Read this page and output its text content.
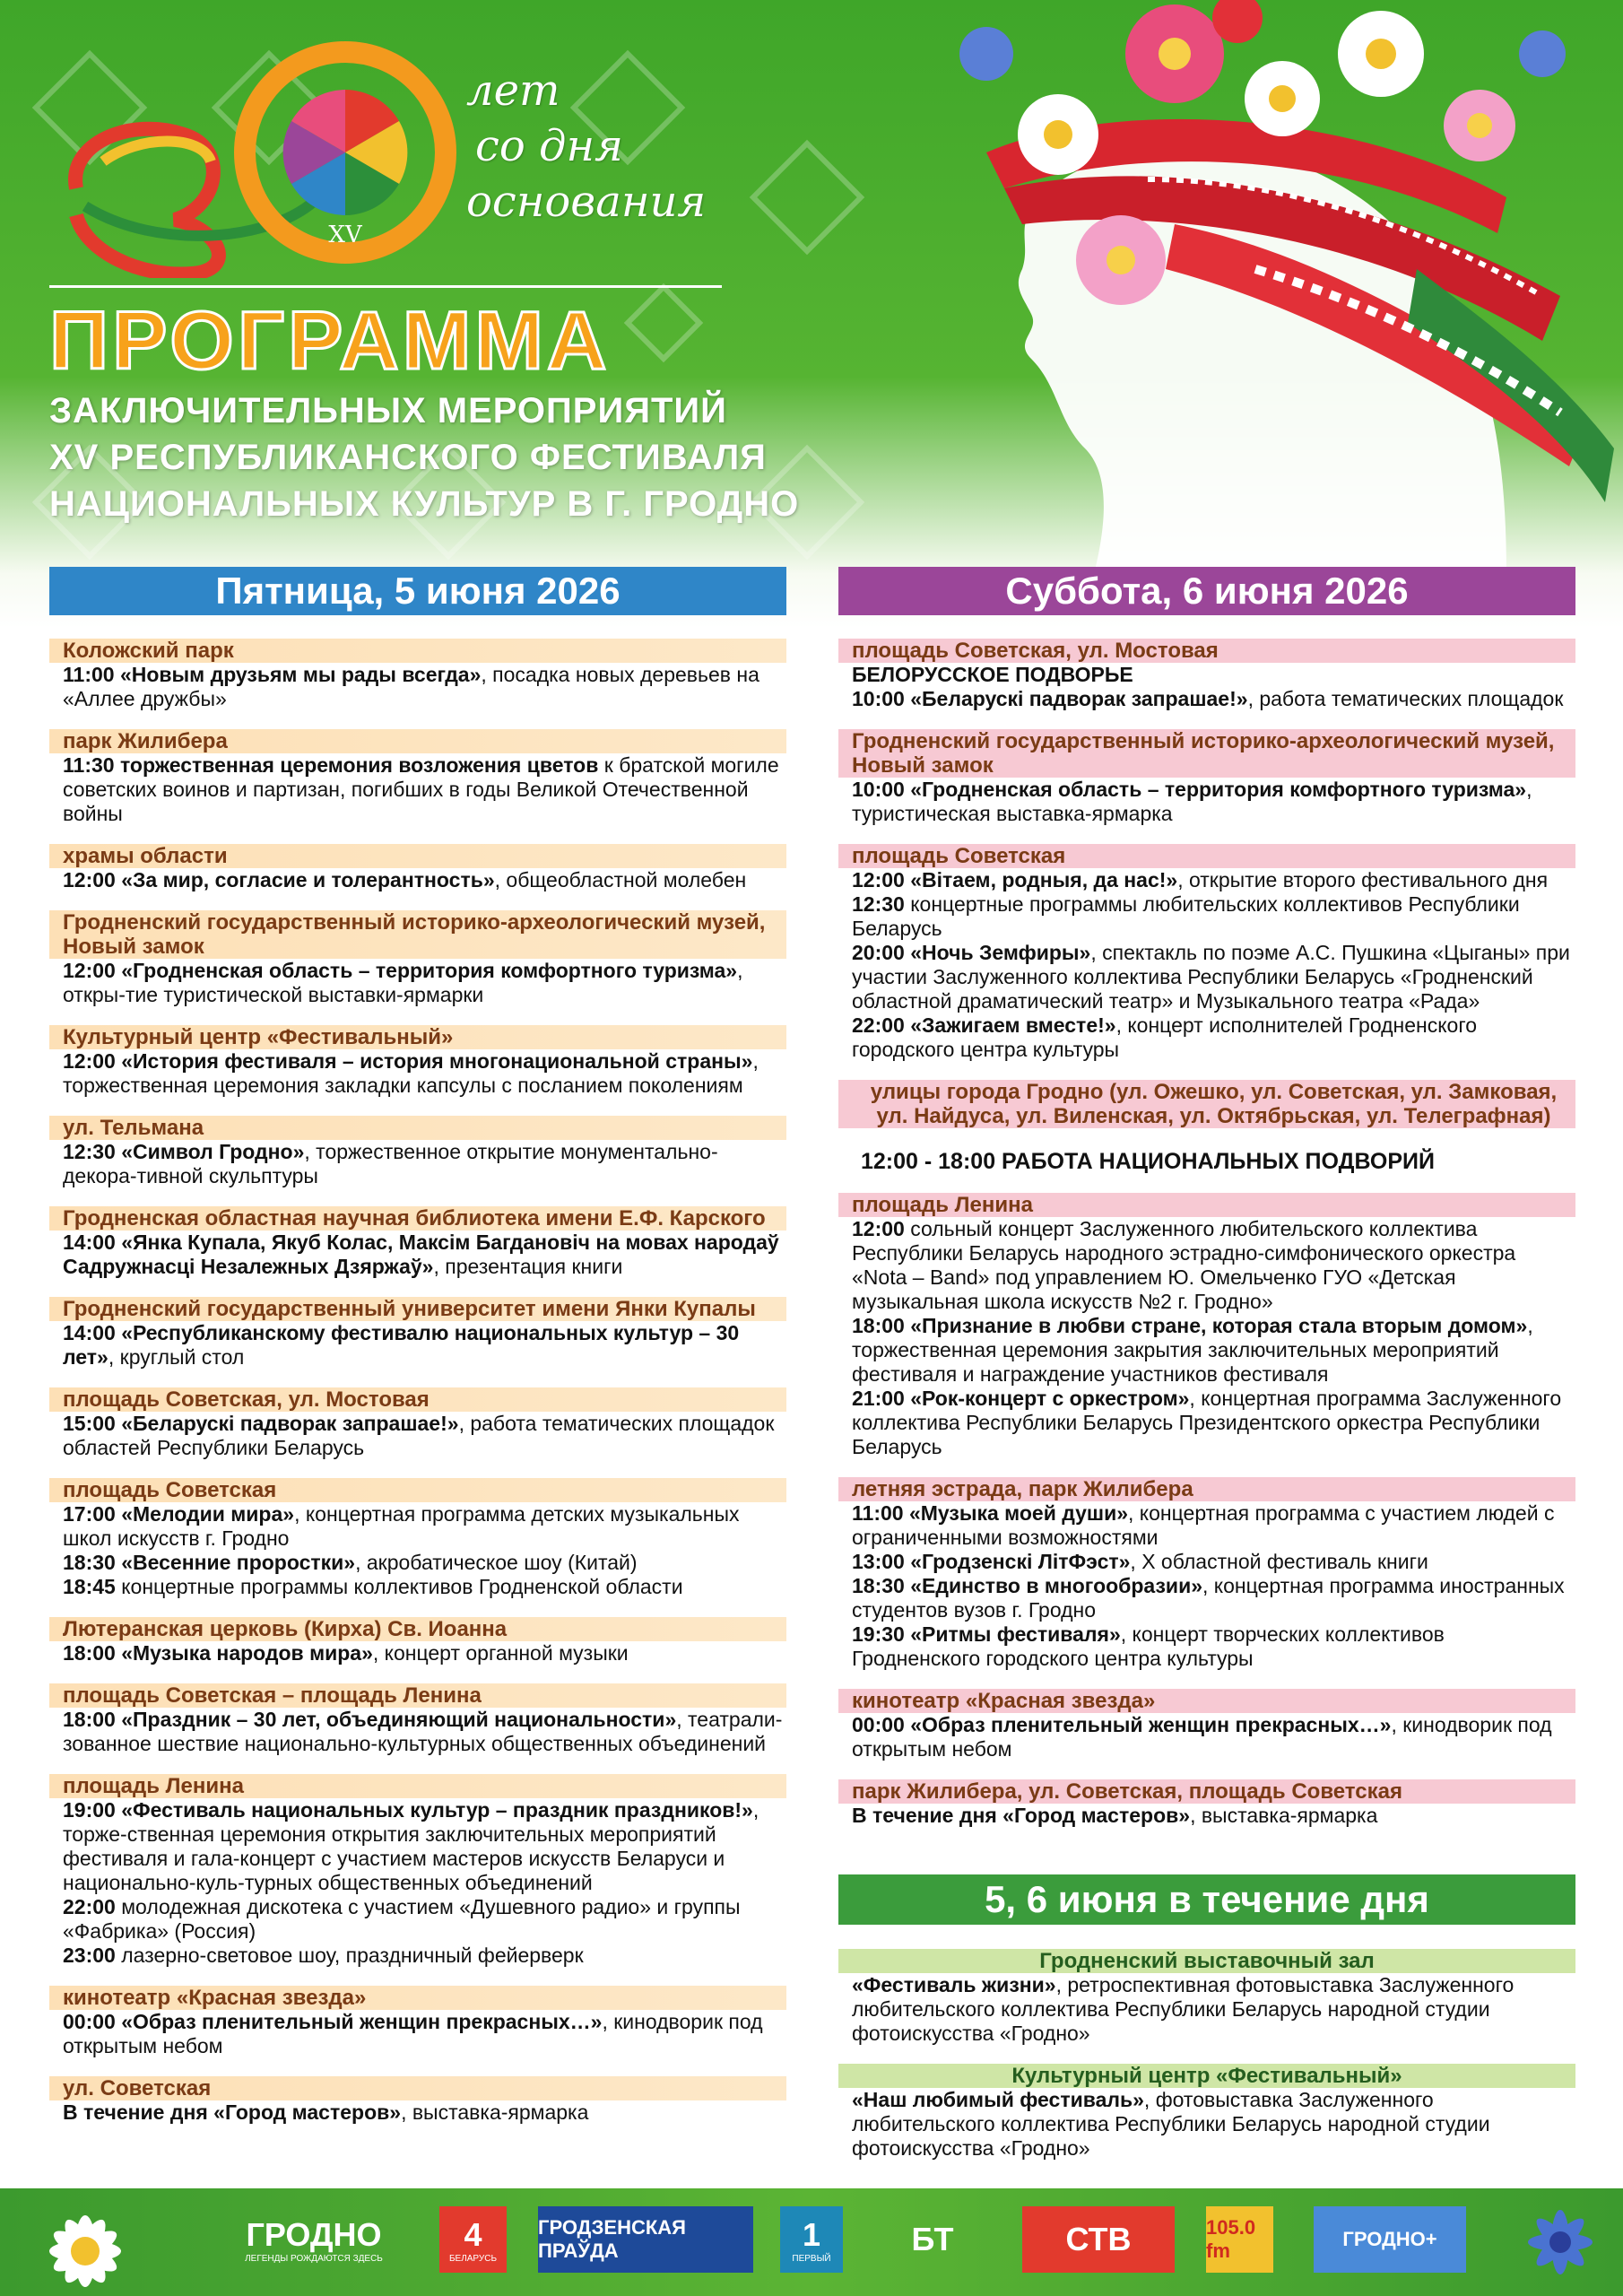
XV
лет
со дня
основания
ПРОГРАММА
ЗАКЛЮЧИТЕЛЬНЫХ МЕРОПРИЯТИЙ
XV РЕСПУБЛИКАНСКОГО ФЕСТИВАЛЯ
НАЦИОНАЛЬНЫХ КУЛЬТУР В Г. ГРОДНО
Пятница, 5 июня 2026	Суббота, 6 июня 2026
Коложский парк
11:00 «Новым друзьям мы рады всегда», посадка новых деревьев на «Аллее дружбы»
парк Жилибера
11:30 торжественная церемония возложения цветов к братской могиле советских воинов и партизан, погибших в годы Великой Отечественной войны
храмы области
12:00 «За мир, согласие и толерантность», общеобластной молебен
Гродненский государственный историко-археологический музей, Новый замок
12:00 «Гродненская область – территория комфортного туризма», откры-тие туристической выставки-ярмарки
Культурный центр «Фестивальный»
12:00 «История фестиваля – история многонациональной страны», торжественная церемония закладки капсулы с посланием поколениям
ул. Тельмана
12:30 «Символ Гродно», торжественное открытие монументально-декора-тивной скульптуры
Гродненская областная научная библиотека имени Е.Ф. Карского
14:00 «Янка Купала, Якуб Колас, Максім Багдановіч на мовах народаў Садружнасці Незалежных Дзяржаў», презентация книги
Гродненский государственный университет имени Янки Купалы
14:00 «Республиканскому фестивалю национальных культур – 30 лет», круглый стол
площадь Советская, ул. Мостовая
15:00 «Беларускі падворак запрашае!», работа тематических площадок областей Республики Беларусь
площадь Советская
17:00 «Мелодии мира», концертная программа детских музыкальных школ искусств г. Гродно
18:30 «Весенние проростки», акробатическое шоу (Китай)
18:45 концертные программы коллективов Гродненской области
Лютеранская церковь (Кирха) Св. Иоанна
18:00 «Музыка народов мира», концерт органной музыки
площадь Советская – площадь Ленина
18:00 «Праздник – 30 лет, объединяющий национальности», театрали-зованное шествие национально-культурных общественных объединений
площадь Ленина
19:00 «Фестиваль национальных культур – праздник праздников!», торже-ственная церемония открытия заключительных мероприятий фестиваля и гала-концерт с участием мастеров искусств Беларуси и национально-куль-турных общественных объединений
22:00 молодежная дискотека с участием «Душевного радио» и группы «Фабрика» (Россия)
23:00 лазерно-световое шоу, праздничный фейерверк
кинотеатр «Красная звезда»
00:00 «Образ пленительный женщин прекрасных…», кинодворик под открытым небом
ул. Советская
В течение дня «Город мастеров», выставка-ярмарка
площадь Советская, ул. Мостовая
БЕЛОРУССКОЕ ПОДВОРЬЕ
10:00 «Беларускі падворак запрашае!», работа тематических площадок
Гродненский государственный историко-археологический музей, Новый замок
10:00 «Гродненская область – территория комфортного туризма», туристическая выставка-ярмарка
площадь Советская
12:00 «Вітаем, родныя, да нас!», открытие второго фестивального дня
12:30 концертные программы любительских коллективов Республики Беларусь
20:00 «Ночь Земфиры», спектакль по поэме А.С. Пушкина «Цыганы» при участии Заслуженного коллектива Республики Беларусь «Гродненский областной драматический театр» и Музыкального театра «Рада»
22:00 «Зажигаем вместе!», концерт исполнителей Гродненского городского центра культуры
улицы города Гродно (ул. Ожешко, ул. Советская, ул. Замковая, ул. Найдуса, ул. Виленская, ул. Октябрьская, ул. Телеграфная)
12:00 - 18:00 РАБОТА НАЦИОНАЛЬНЫХ ПОДВОРИЙ
площадь Ленина
12:00 сольный концерт Заслуженного любительского коллектива Республики Беларусь народного эстрадно-симфонического оркестра «Nota – Band» под управлением Ю. Омельченко ГУО «Детская музыкальная школа искусств №2 г. Гродно»
18:00 «Признание в любви стране, которая стала вторым домом», торжественная церемония закрытия заключительных мероприятий фестиваля и награждение участников фестиваля
21:00 «Рок-концерт с оркестром», концертная программа Заслуженного коллектива Республики Беларусь Президентского оркестра Республики Беларусь
летняя эстрада, парк Жилибера
11:00 «Музыка моей души», концертная программа с участием людей с ограниченными возможностями
13:00 «Гродзенскі ЛітФэст», X областной фестиваль книги
18:30 «Единство в многообразии», концертная программа иностранных студентов вузов г. Гродно
19:30 «Ритмы фестиваля», концерт творческих коллективов Гродненского городского центра культуры
кинотеатр «Красная звезда»
00:00 «Образ пленительный женщин прекрасных…», кинодворик под открытым небом
парк Жилибера, ул. Советская, площадь Советская
В течение дня «Город мастеров», выставка-ярмарка
5, 6 июня в течение дня
Гродненский выставочный зал
«Фестиваль жизни», ретроспективная фотовыставка Заслуженного любительского коллектива Республики Беларусь народной студии фотоискусства «Гродно»
Культурный центр «Фестивальный»
«Наш любимый фестиваль», фотовыставка Заслуженного любительского коллектива Республики Беларусь народной студии фотоискусства «Гродно»
ГРОДНО
ЛЕГЕНДЫ РОЖДАЮТСЯ ЗДЕСЬ
4
БЕЛАРУСЬ
ГРОДЗЕНСКАЯ ПРАЎДА	1
ПЕРВЫЙ
БТ	СТВ	105.0 fm
ГРОДНО+
